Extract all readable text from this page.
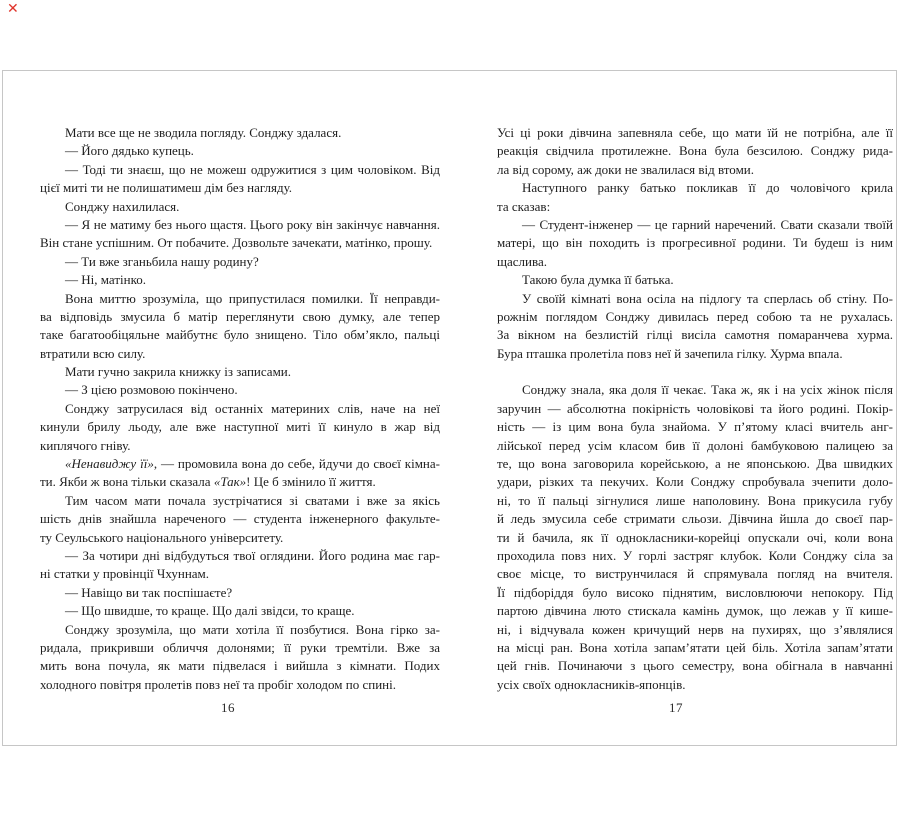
✕
Мати все ще не зводила погляду. Сонджу здалася.
— Його дядько купець.
— Тоді ти знаєш, що не можеш одружитися з цим чоловіком. Від
цієї миті ти не полишатимеш дім без нагляду.
Сонджу нахилилася.
— Я не матиму без нього щастя. Цього року він закінчує навчання.
Він стане успішним. От побачите. Дозвольте зачекати, матінко, прошу.
— Ти вже зганьбила нашу родину?
— Ні, матінко.
Вона миттю зрозуміла, що припустилася помилки. Її неправди-
ва відповідь змусила б матір переглянути свою думку, але тепер
таке багатообіцяльне майбутнє було знищено. Тіло обм’якло, пальці
втратили всю силу.
Мати гучно закрила книжку із записами.
— З цією розмовою покінчено.
Сонджу затрусилася від останніх материних слів, наче на неї
кинули брилу льоду, але вже наступної миті її кинуло в жар від
киплячого гніву.
«Ненавиджу її», — промовила вона до себе, йдучи до своєї кімна-
ти. Якби ж вона тільки сказала «Так»! Це б змінило її життя.
Тим часом мати почала зустрічатися зі сватами і вже за якісь
шість днів знайшла нареченого — студента інженерного факульте-
ту Сеульського національного університету.
— За чотири дні відбудуться твої оглядини. Його родина має гар-
ні статки у провінції Чхуннам.
— Навіщо ви так поспішаєте?
— Що швидше, то краще. Що далі звідси, то краще.
Сонджу зрозуміла, що мати хотіла її позбутися. Вона гірко за-
ридала, прикривши обличчя долонями; її руки тремтіли. Вже за
мить вона почула, як мати підвелася і вийшла з кімнати. Подих
холодного повітря пролетів повз неї та пробіг холодом по спині.
Усі ці роки дівчина запевняла себе, що мати їй не потрібна, але її
реакція свідчила протилежне. Вона була безсилою. Сонджу рида-
ла від сорому, аж доки не звалилася від втоми.
Наступного ранку батько покликав її до чоловічого крила
та сказав:
— Студент-інженер — це гарний наречений. Свати сказали твоїй
матері, що він походить із прогресивної родини. Ти будеш із ним
щаслива.
Такою була думка її батька.
У своїй кімнаті вона осіла на підлогу та сперлась об стіну. По-
рожнім поглядом Сонджу дивилась перед собою та не рухалась.
За вікном на безлистій гілці висіла самотня помаранчева хурма.
Бура пташка пролетіла повз неї й зачепила гілку. Хурма впала.
Сонджу знала, яка доля її чекає. Така ж, як і на усіх жінок після
заручин — абсолютна покірність чоловікові та його родині. Покір-
ність — із цим вона була знайома. У п’ятому класі вчитель анг-
лійської перед усім класом бив її долоні бамбуковою палицею за
те, що вона заговорила корейською, а не японською. Два швидких
удари, різких та пекучих. Коли Сонджу спробувала зчепити доло-
ні, то її пальці зігнулися лише наполовину. Вона прикусила губу
й ледь змусила себе стримати сльози. Дівчина йшла до своєї пар-
ти й бачила, як її однокласники-корейці опускали очі, коли вона
проходила повз них. У горлі застряг клубок. Коли Сонджу сіла за
своє місце, то виструнчилася й спрямувала погляд на вчителя.
Її підборіддя було високо піднятим, висловлюючи непокору. Під
партою дівчина люто стискала камінь думок, що лежав у її кише-
ні, і відчувала кожен кричущий нерв на пухирях, що з’являлися
на місці ран. Вона хотіла запам’ятати цей біль. Хотіла запам’ятати
цей гнів. Починаючи з цього семестру, вона обігнала в навчанні
усіх своїх однокласників-японців.
16	17
